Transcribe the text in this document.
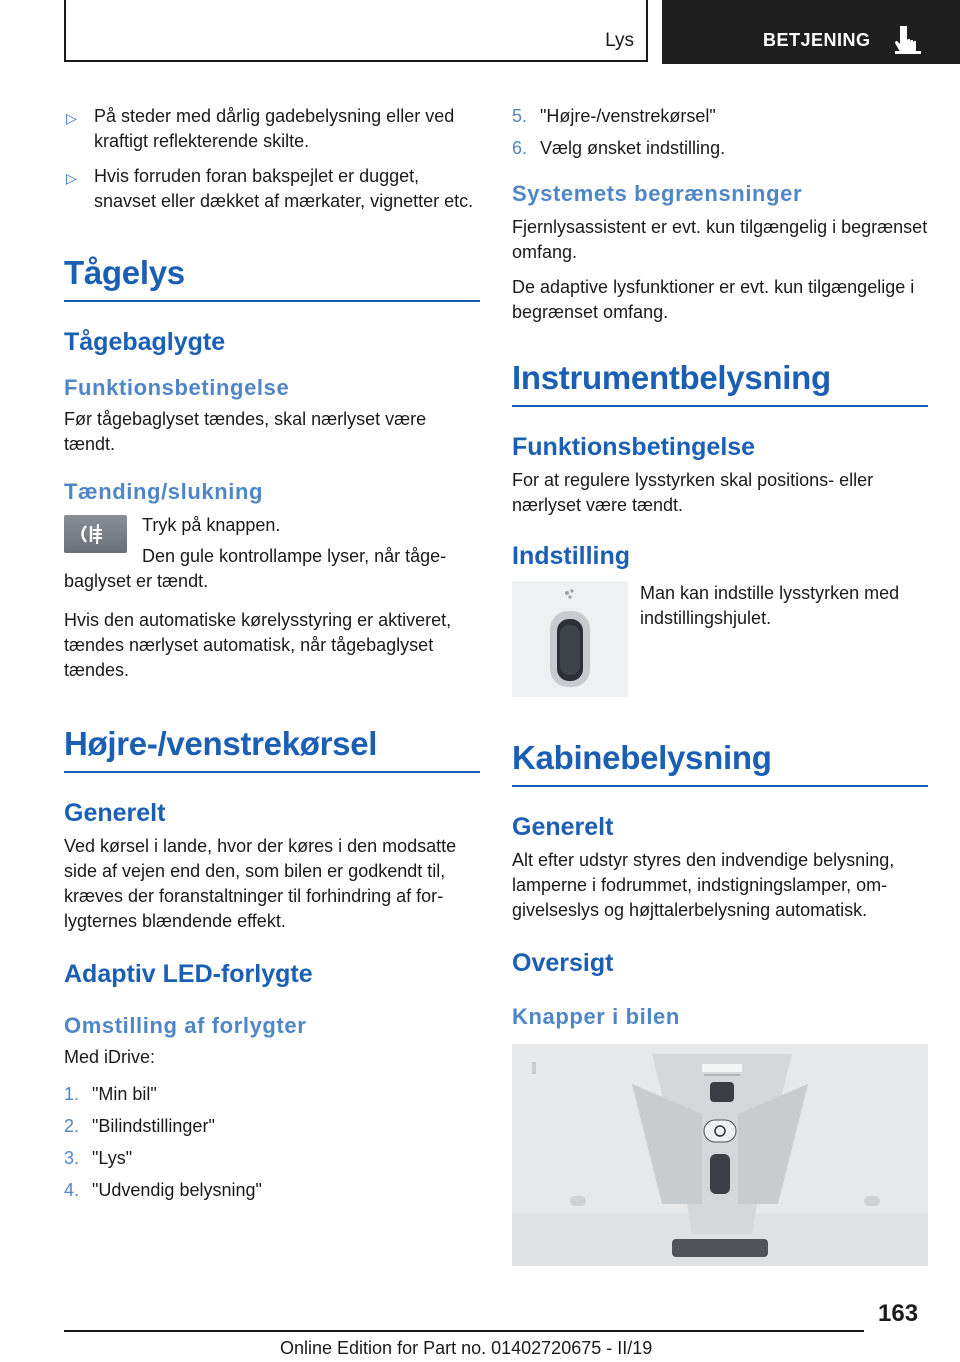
Lys	BETJENING
▷ På steder med dårlig gadebelysning eller ved kraftigt reflekterende skilte.
▷ Hvis forruden foran bakspejlet er dugget, snavset eller dækket af mærkater, vignetter etc.
Tågelys
Tågebaglygte
Funktionsbetingelse

Før tågebaglyset tændes, skal nærlyset være tændt.

Tænding/slukning

Tryk på knappen.

Den gule kontrollampe lyser, når tågebaglyset er tændt.

Hvis den automatiske kørelysstyring er aktiveret, tændes nærlyset automatisk, når tågebaglyset tændes.

Højre-/venstrekørsel
Generelt

Ved kørsel i lande, hvor der køres i den modsatte side af vejen end den, som bilen er godkendt til, kræves der foranstaltninger til forhindring af forlygternes blændende effekt.

Adaptiv LED-forlygte
Omstilling af forlygter

Med iDrive:

1. "Min bil"
2. "Bilindstillinger"
3. "Lys"
4. "Udvendig belysning"
5. "Højre-/venstrekørsel"
6. Vælg ønsket indstilling.
Systemets begrænsninger

Fjernlysassistent er evt. kun tilgængelig i begrænset omfang.

De adaptive lysfunktioner er evt. kun tilgængelige i begrænset omfang.

Instrumentbelysning
Funktionsbetingelse

For at regulere lysstyrken skal positions- eller nærlyset være tændt.

Indstilling

Man kan indstille lysstyrken med indstillingshjulet.

Kabinebelysning
Generelt

Alt efter udstyr styres den indvendige belysning, lamperne i fodrummet, indstigningslamper, omgivelseslys og højttalerbelysning automatisk.

Oversigt
Knapper i bilen
163
Online Edition for Part no. 01402720675 - II/19
